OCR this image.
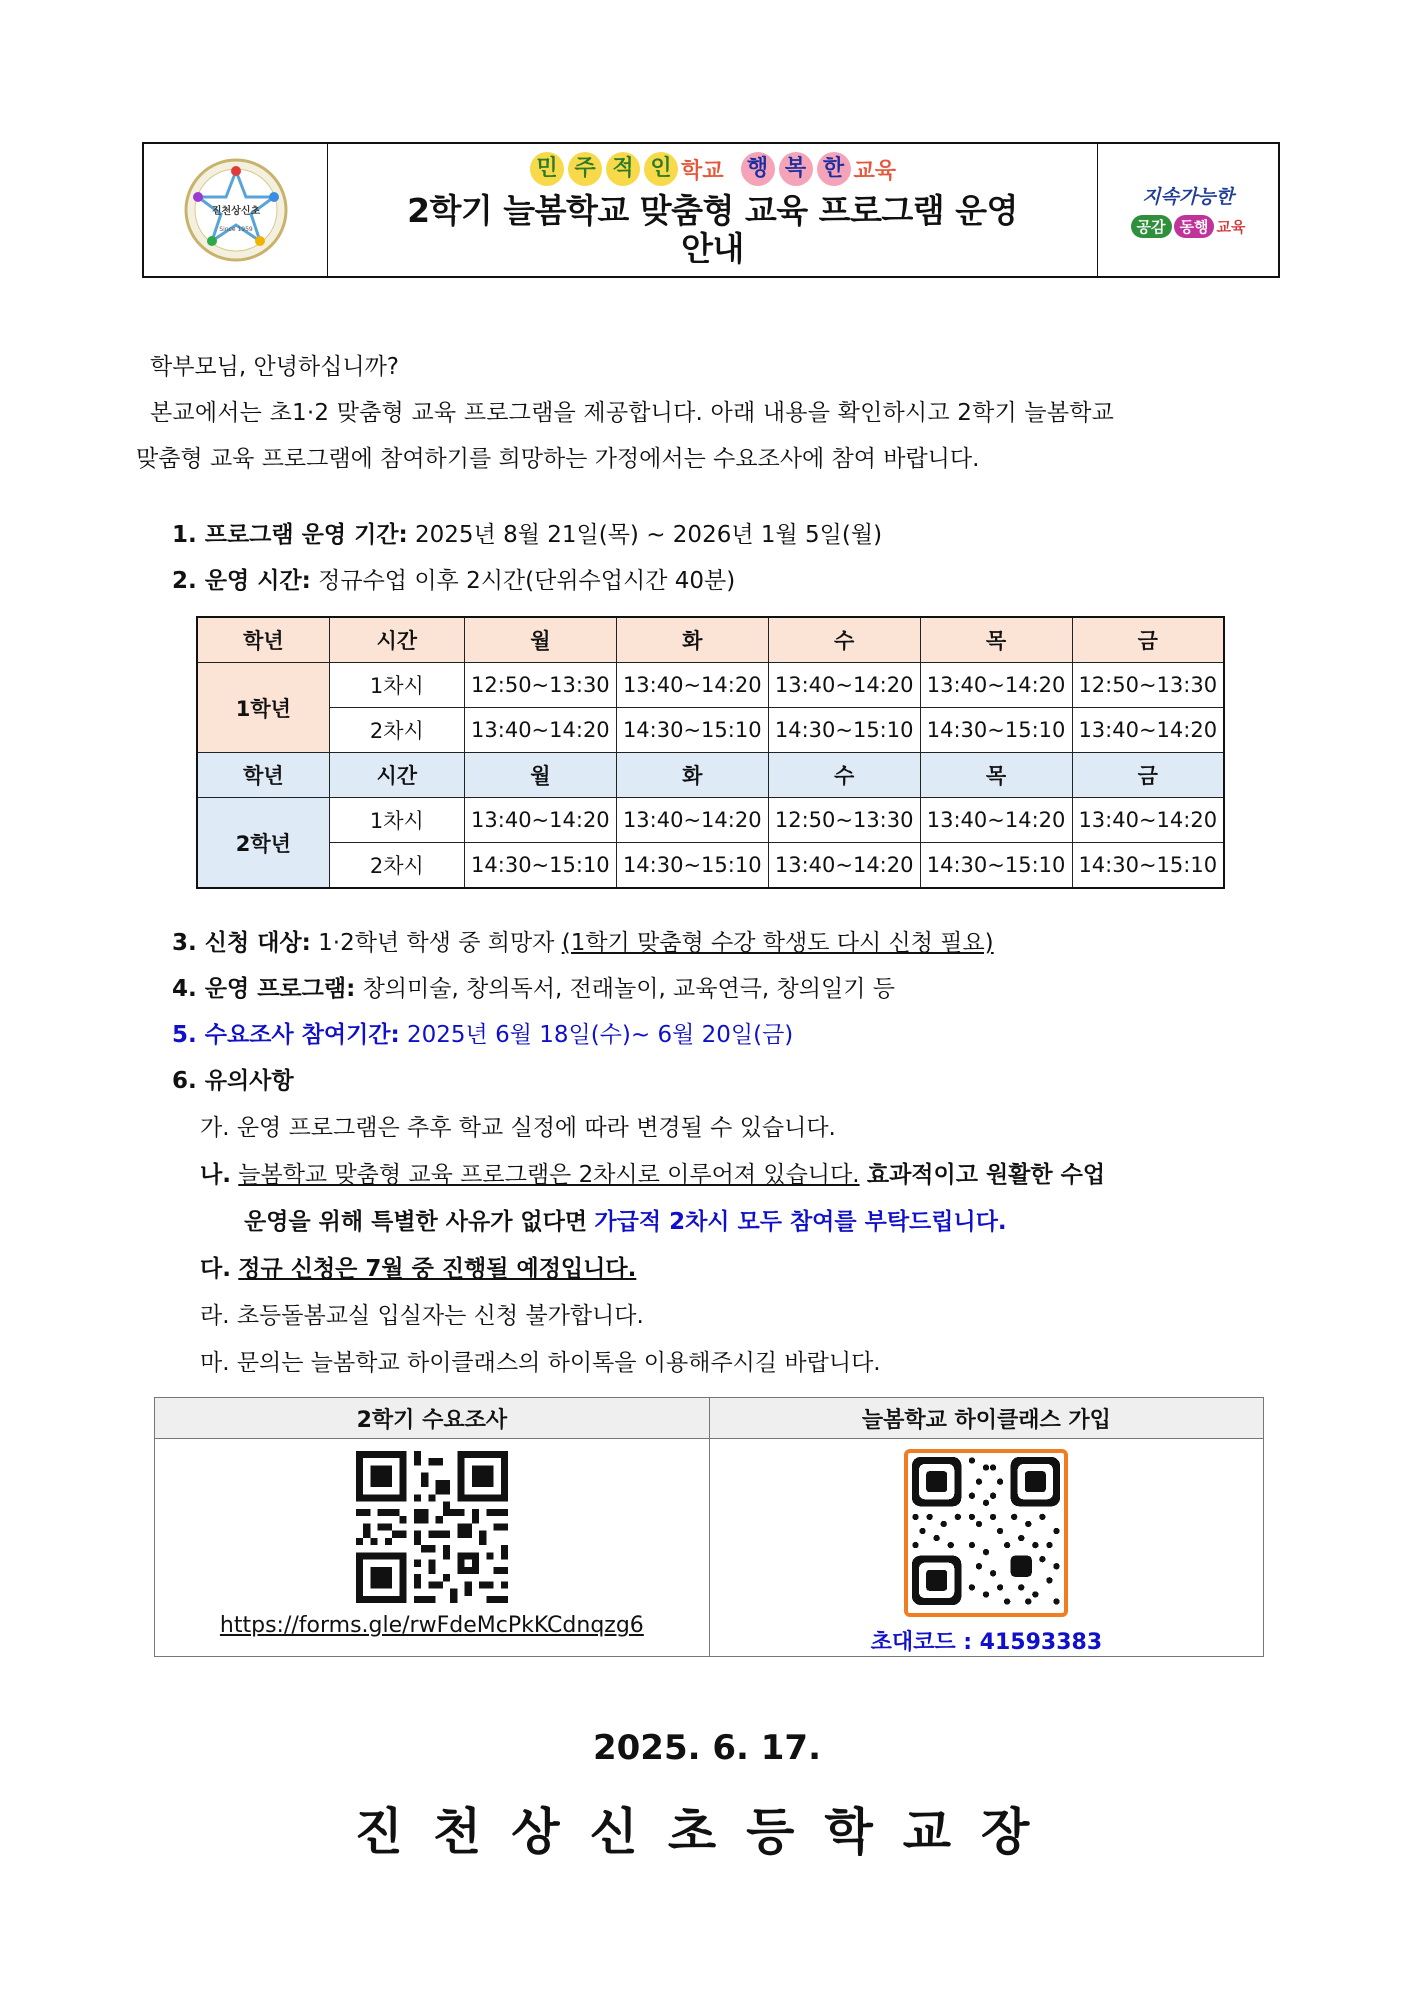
진천상신초
Since 1959
민 주 적 인 학교 행 복 한 교육
2학기 늘봄학교 맞춤형 교육 프로그램 운영
안내
지속가능한
공감 동행 교육
학부모님, 안녕하십니까?
본교에서는 초1·2 맞춤형 교육 프로그램을 제공합니다. 아래 내용을 확인하시고 2학기 늘봄학교
맞춤형 교육 프로그램에 참여하기를 희망하는 가정에서는 수요조사에 참여 바랍니다.
1. 프로그램 운영 기간: 2025년 8월 21일(목) ~ 2026년 1월 5일(월)
2. 운영 시간: 정규수업 이후 2시간(단위수업시간 40분)
학년	시간	월	화	수	목	금
1학년	1차시	12:50~13:30	13:40~14:20	13:40~14:20	13:40~14:20	12:50~13:30
	2차시	13:40~14:20	14:30~15:10	14:30~15:10	14:30~15:10	13:40~14:20
학년	시간	월	화	수	목	금
2학년	1차시	13:40~14:20	13:40~14:20	12:50~13:30	13:40~14:20	13:40~14:20
	2차시	14:30~15:10	14:30~15:10	13:40~14:20	14:30~15:10	14:30~15:10
3. 신청 대상: 1·2학년 학생 중 희망자 (1학기 맞춤형 수강 학생도 다시 신청 필요)
4. 운영 프로그램: 창의미술, 창의독서, 전래놀이, 교육연극, 창의일기 등
5. 수요조사 참여기간: 2025년 6월 18일(수)~ 6월 20일(금)
6. 유의사항
가. 운영 프로그램은 추후 학교 실정에 따라 변경될 수 있습니다.
나. 늘봄학교 맞춤형 교육 프로그램은 2차시로 이루어져 있습니다. 효과적이고 원활한 수업
운영을 위해 특별한 사유가 없다면 가급적 2차시 모두 참여를 부탁드립니다.
다. 정규 신청은 7월 중 진행될 예정입니다.
라. 초등돌봄교실 입실자는 신청 불가합니다.
마. 문의는 늘봄학교 하이클래스의 하이톡을 이용해주시길 바랍니다.
2학기 수요조사	늘봄학교 하이클래스 가입

https://forms.gle/rwFdeMcPkKCdnqzg6	초대코드 : 41593383
2025. 6. 17.
진천상신초등학교장
